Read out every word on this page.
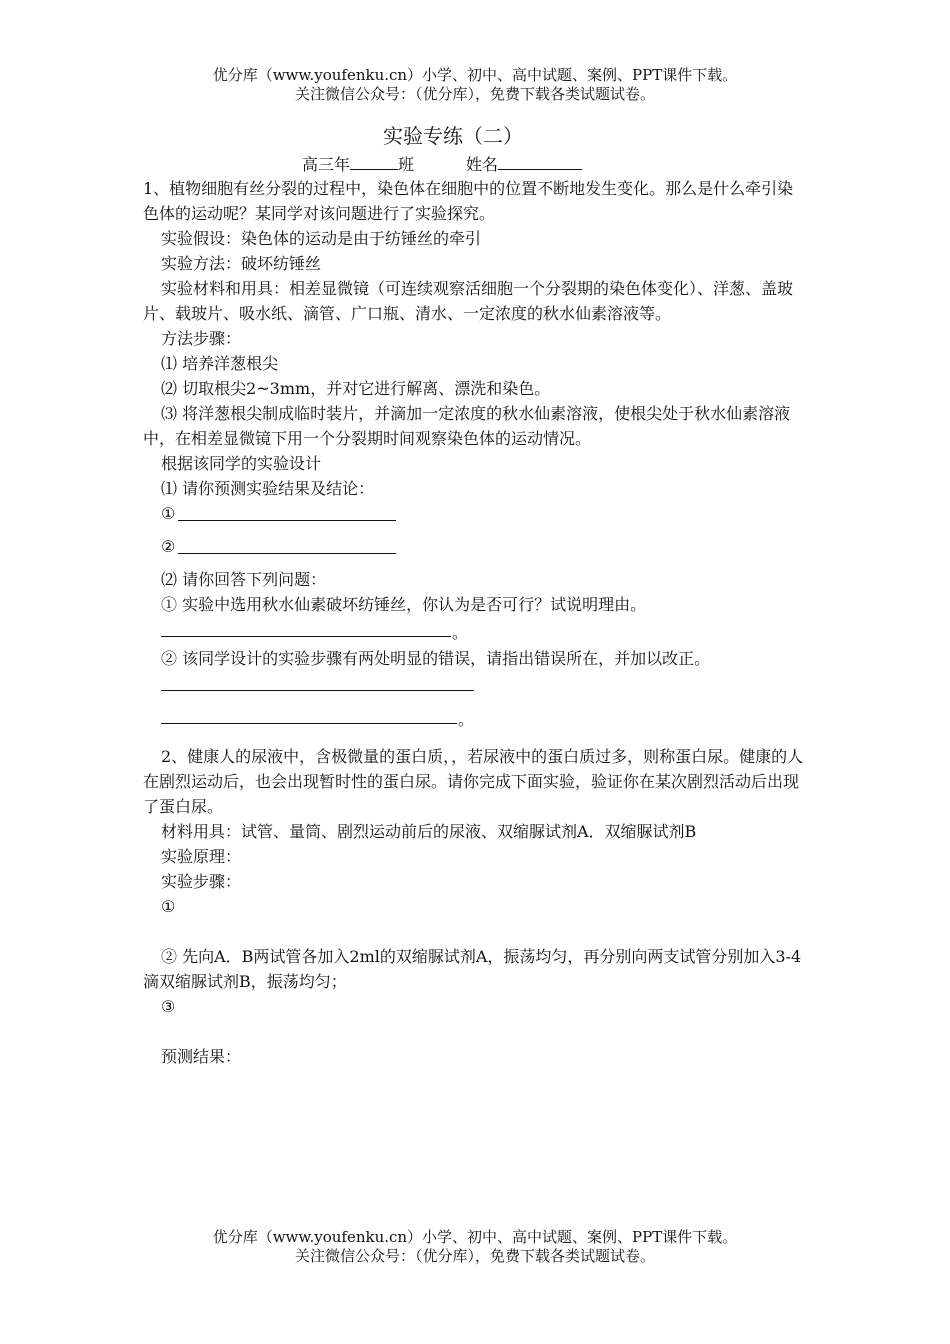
优分库（www.youfenku.cn）小学、初中、高中试题、案例、PPT课件下载。
关注微信公众号：（优分库），免费下载各类试题试卷。
实验专练（二）
高三年	班	姓名
1、植物细胞有丝分裂的过程中，染色体在细胞中的位置不断地发生变化。那么是什么牵引染色体的运动呢？某同学对该问题进行了实验探究。
实验假设：染色体的运动是由于纺锤丝的牵引
实验方法：破坏纺锤丝
实验材料和用具：相差显微镜（可连续观察活细胞一个分裂期的染色体变化）、洋葱、盖玻片、载玻片、吸水纸、滴管、广口瓶、清水、一定浓度的秋水仙素溶液等。
方法步骤：
⑴ 培养洋葱根尖
⑵ 切取根尖2~3mm，并对它进行解离、漂洗和染色。
⑶ 将洋葱根尖制成临时装片，并滴加一定浓度的秋水仙素溶液，使根尖处于秋水仙素溶液中，在相差显微镜下用一个分裂期时间观察染色体的运动情况。
根据该同学的实验设计
⑴ 请你预测实验结果及结论：
①
②
⑵ 请你回答下列问题：
① 实验中选用秋水仙素破坏纺锤丝，你认为是否可行？试说明理由。
。
② 该同学设计的实验步骤有两处明显的错误，请指出错误所在，并加以改正。
。
2、健康人的尿液中，含极微量的蛋白质，，若尿液中的蛋白质过多，则称蛋白尿。健康的人在剧烈运动后，也会出现暂时性的蛋白尿。请你完成下面实验，验证你在某次剧烈活动后出现了蛋白尿。
材料用具：试管、量筒、剧烈运动前后的尿液、双缩脲试剂A．双缩脲试剂B
实验原理：
实验步骤：
①
② 先向A．B两试管各加入2ml的双缩脲试剂A，振荡均匀，再分别向两支试管分别加入3-4滴双缩脲试剂B，振荡均匀；
③
预测结果：
优分库（www.youfenku.cn）小学、初中、高中试题、案例、PPT课件下载。
关注微信公众号：（优分库），免费下载各类试题试卷。
